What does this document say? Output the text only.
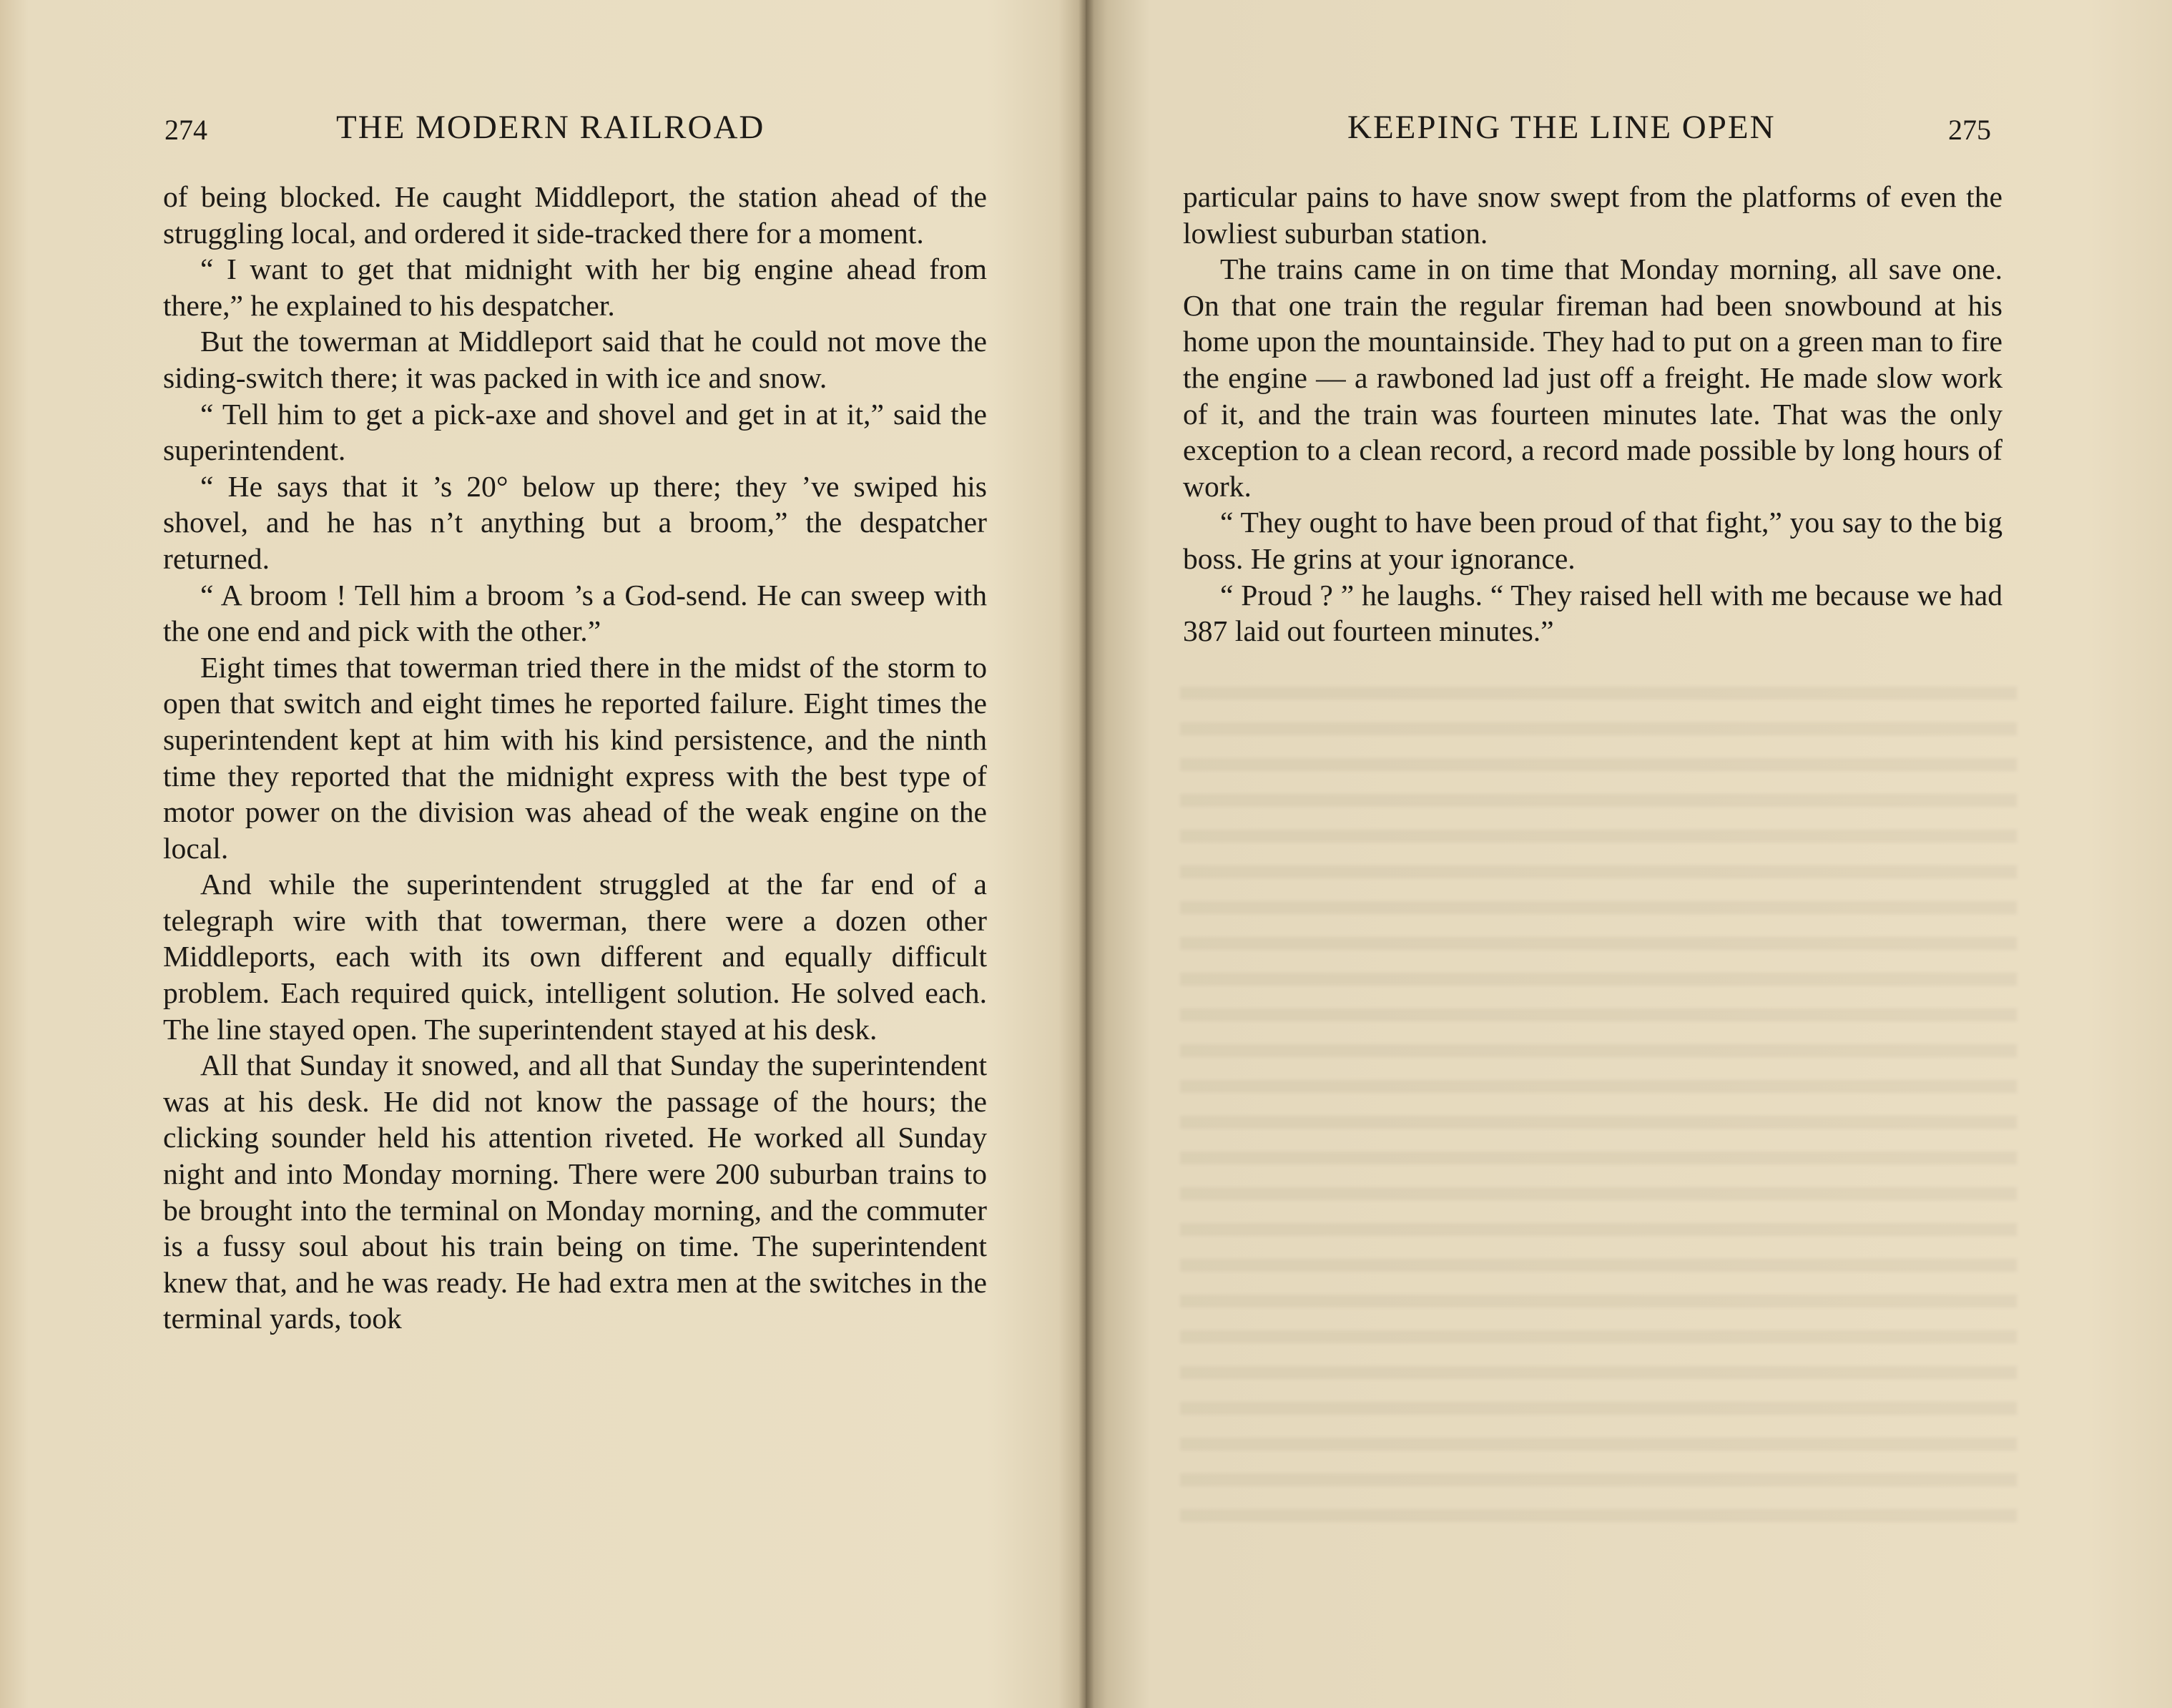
274	THE MODERN RAILROAD

of being blocked. He caught Middleport, the station ahead of the struggling local, and ordered it side-tracked there for a moment.

“ I want to get that midnight with her big engine ahead from there,” he explained to his despatcher.

But the towerman at Middleport said that he could not move the siding-switch there; it was packed in with ice and snow.

“ Tell him to get a pick-axe and shovel and get in at it,” said the superintendent.

“ He says that it ’s 20° below up there; they ’ve swiped his shovel, and he has n’t anything but a broom,” the despatcher returned.

“ A broom ! Tell him a broom ’s a God-send. He can sweep with the one end and pick with the other.”

Eight times that towerman tried there in the midst of the storm to open that switch and eight times he reported failure. Eight times the superintendent kept at him with his kind persistence, and the ninth time they reported that the midnight express with the best type of motor power on the division was ahead of the weak engine on the local.

And while the superintendent struggled at the far end of a telegraph wire with that towerman, there were a dozen other Middleports, each with its own different and equally difficult problem. Each required quick, intelligent solution. He solved each. The line stayed open. The superintendent stayed at his desk.

All that Sunday it snowed, and all that Sunday the superintendent was at his desk. He did not know the passage of the hours; the clicking sounder held his attention riveted. He worked all Sunday night and into Monday morning. There were 200 suburban trains to be brought into the terminal on Monday morning, and the commuter is a fussy soul about his train being on time. The superintendent knew that, and he was ready. He had extra men at the switches in the terminal yards, took

KEEPING THE LINE OPEN	275

particular pains to have snow swept from the platforms of even the lowliest suburban station.

The trains came in on time that Monday morning, all save one. On that one train the regular fireman had been snowbound at his home upon the mountainside. They had to put on a green man to fire the engine — a rawboned lad just off a freight. He made slow work of it, and the train was fourteen minutes late. That was the only exception to a clean record, a record made possible by long hours of work.

“ They ought to have been proud of that fight,” you say to the big boss. He grins at your ignorance.

“ Proud ? ” he laughs. “ They raised hell with me because we had 387 laid out fourteen minutes.”
